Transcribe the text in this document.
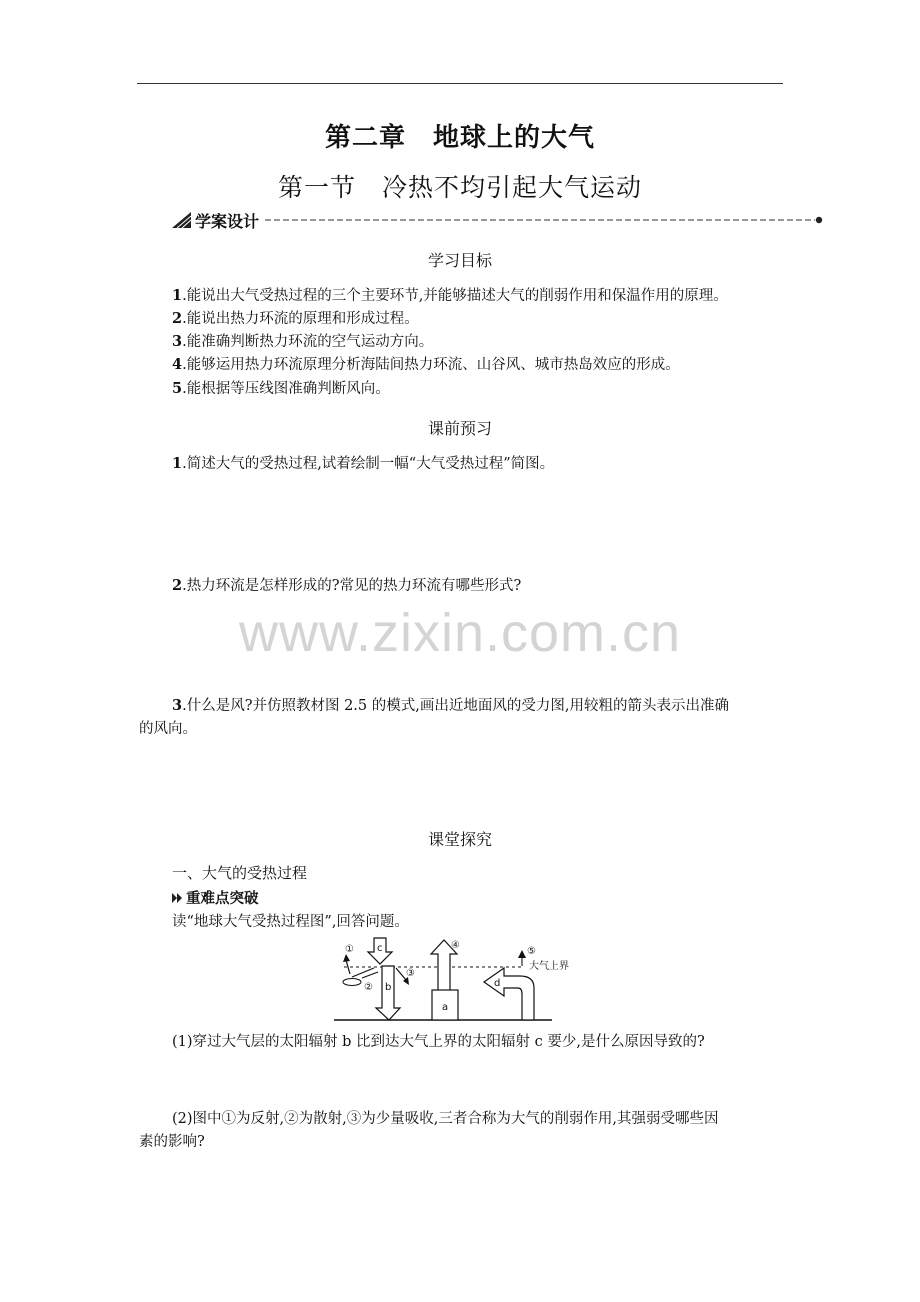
第二章　地球上的大气
第一节　冷热不均引起大气运动
学案设计
学习目标
1.能说出大气受热过程的三个主要环节,并能够描述大气的削弱作用和保温作用的原理。
2.能说出热力环流的原理和形成过程。
3.能准确判断热力环流的空气运动方向。
4.能够运用热力环流原理分析海陆间热力环流、山谷风、城市热岛效应的形成。
5.能根据等压线图准确判断风向。
课前预习
1.简述大气的受热过程,试着绘制一幅“大气受热过程”简图。
2.热力环流是怎样形成的?常见的热力环流有哪些形式?
www.zixin.com.cn
3.什么是风?并仿照教材图 2.5 的模式,画出近地面风的受力图,用较粗的箭头表示出准确
的风向。
课堂探究
一、大气的受热过程
重难点突破
读“地球大气受热过程图”,回答问题。
①
②
③
④
⑤
c
b
a
d
大气上界
(1)穿过大气层的太阳辐射 b 比到达大气上界的太阳辐射 c 要少,是什么原因导致的?
(2)图中①为反射,②为散射,③为少量吸收,三者合称为大气的削弱作用,其强弱受哪些因
素的影响?
